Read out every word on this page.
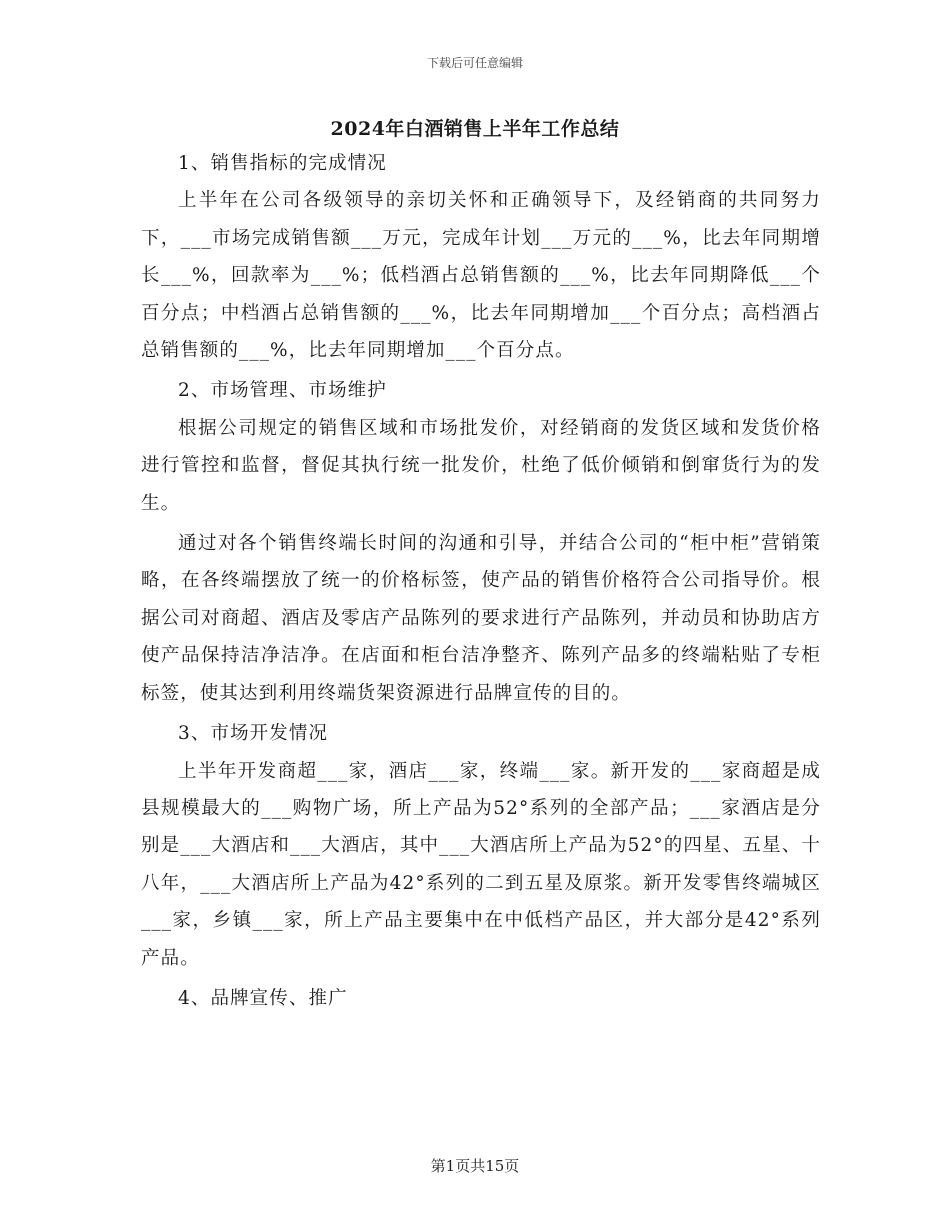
下载后可任意编辑
2024年白酒销售上半年工作总结

1、销售指标的完成情况

上半年在公司各级领导的亲切关怀和正确领导下，及经销商的共同努力下，___市场完成销售额___万元，完成年计划___万元的___%，比去年同期增长___%，回款率为___%；低档酒占总销售额的___%，比去年同期降低___个百分点；中档酒占总销售额的___%，比去年同期增加___个百分点；高档酒占总销售额的___%，比去年同期增加___个百分点。

2、市场管理、市场维护

根据公司规定的销售区域和市场批发价，对经销商的发货区域和发货价格进行管控和监督，督促其执行统一批发价，杜绝了低价倾销和倒窜货行为的发生。

通过对各个销售终端长时间的沟通和引导，并结合公司的“柜中柜”营销策略，在各终端摆放了统一的价格标签，使产品的销售价格符合公司指导价。根据公司对商超、酒店及零店产品陈列的要求进行产品陈列，并动员和协助店方使产品保持洁净洁净。在店面和柜台洁净整齐、陈列产品多的终端粘贴了专柜标签，使其达到利用终端货架资源进行品牌宣传的目的。

3、市场开发情况

上半年开发商超___家，酒店___家，终端___家。新开发的___家商超是成县规模最大的___购物广场，所上产品为52°系列的全部产品；___家酒店是分别是___大酒店和___大酒店，其中___大酒店所上产品为52°的四星、五星、十八年，___大酒店所上产品为42°系列的二到五星及原浆。新开发零售终端城区___家，乡镇___家，所上产品主要集中在中低档产品区，并大部分是42°系列产品。

4、品牌宣传、推广

第1页共15页
